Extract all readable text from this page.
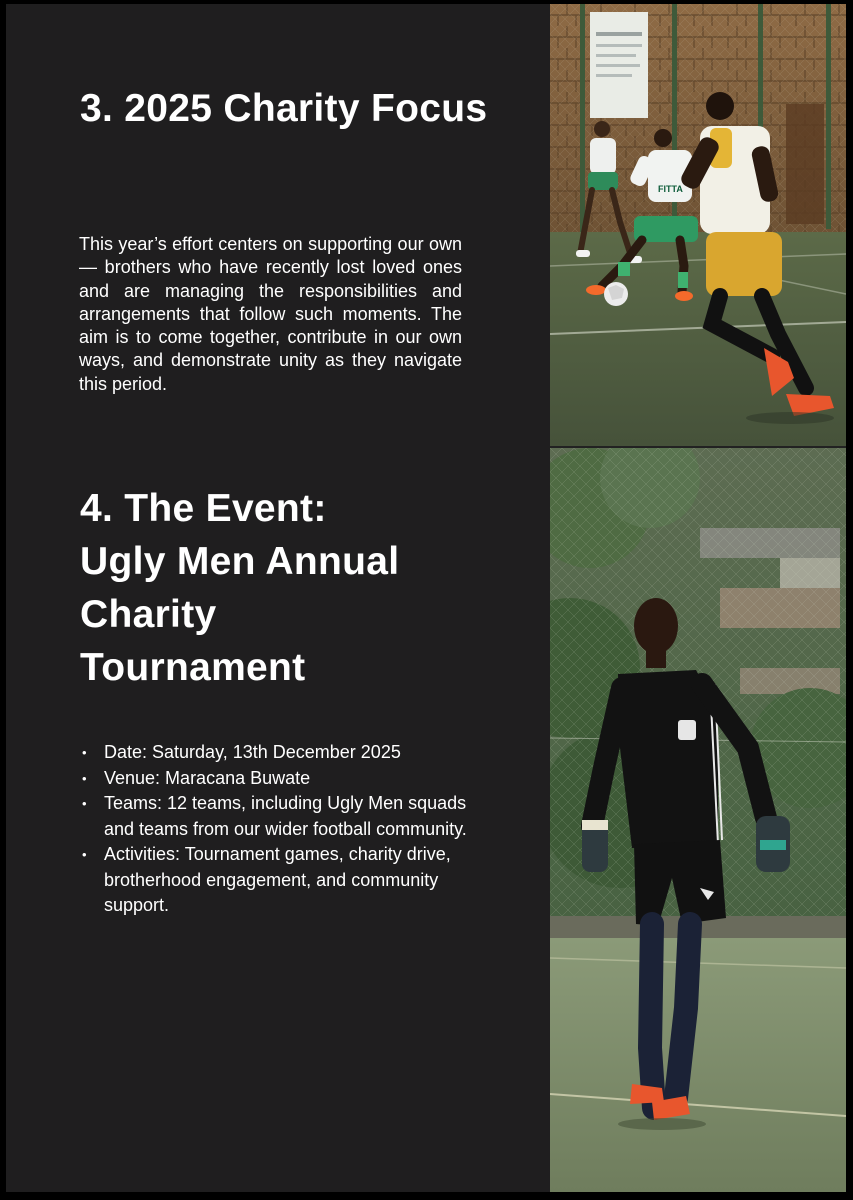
3. 2025 Charity Focus

This year’s effort centers on supporting our own — brothers who have recently lost loved ones and are managing the responsibilities and arrangements that follow such moments. The aim is to come together, contribute in our own ways, and demonstrate unity as they navigate this period.

4. The Event:
Ugly Men Annual
Charity
Tournament
• Date: Saturday, 13th December 2025
• Venue: Maracana Buwate
• Teams: 12 teams, including Ugly Men squads and teams from our wider football community.
• Activities: Tournament games, charity drive, brotherhood engagement, and community support.
FITTA
